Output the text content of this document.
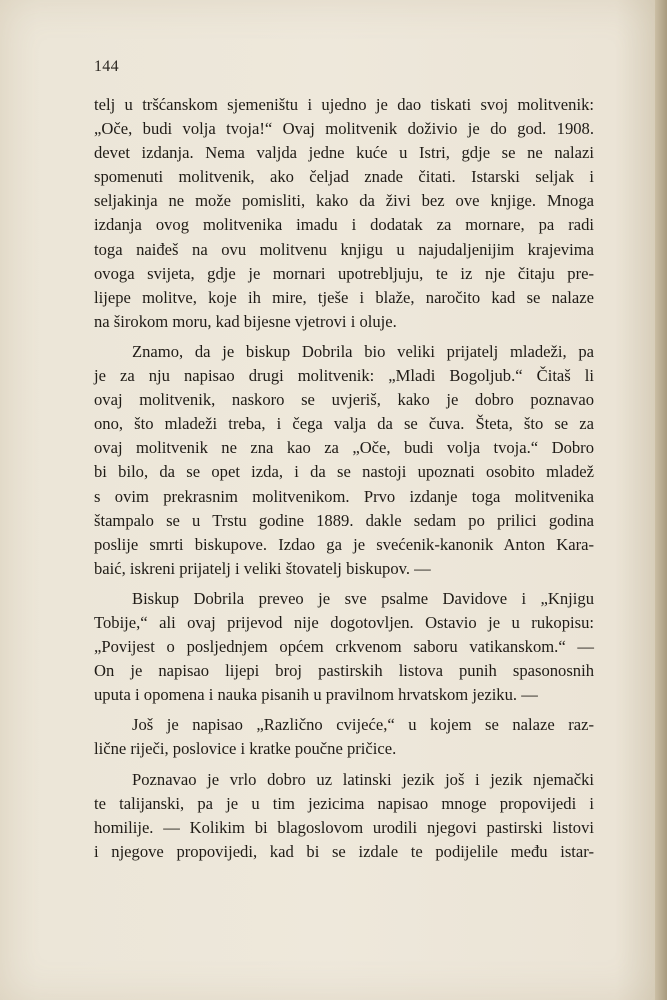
144

telj u tršćanskom sjemeništu i ujedno je dao tiskati svoj molitvenik:
„Oče, budi volja tvoja!“ Ovaj molitvenik doživio je do god. 1908.
devet izdanja. Nema valjda jedne kuće u Istri, gdje se ne nalazi
spomenuti molitvenik, ako čeljad znade čitati. Istarski seljak i
seljakinja ne može pomisliti, kako da živi bez ove knjige. Mnoga
izdanja ovog molitvenika imadu i dodatak za mornare, pa radi
toga naiđeš na ovu molitvenu knjigu u najudaljenijim krajevima
ovoga svijeta, gdje je mornari upotrebljuju, te iz nje čitaju pre-
lijepe molitve, koje ih mire, tješe i blaže, naročito kad se nalaze
na širokom moru, kad bijesne vjetrovi i oluje.

Znamo, da je biskup Dobrila bio veliki prijatelj mladeži, pa
je za nju napisao drugi molitvenik: „Mladi Bogoljub.“ Čitaš li
ovaj molitvenik, naskoro se uvjeriš, kako je dobro poznavao
ono, što mladeži treba, i čega valja da se čuva. Šteta, što se za
ovaj molitvenik ne zna kao za „Oče, budi volja tvoja.“ Dobro
bi bilo, da se opet izda, i da se nastoji upoznati osobito mladež
s ovim prekrasnim molitvenikom. Prvo izdanje toga molitvenika
štampalo se u Trstu godine 1889. dakle sedam po prilici godina
poslije smrti biskupove. Izdao ga je svećenik-kanonik Anton Kara-
baić, iskreni prijatelj i veliki štovatelj biskupov. —

Biskup Dobrila preveo je sve psalme Davidove i „Knjigu
Tobije,“ ali ovaj prijevod nije dogotovljen. Ostavio je u rukopisu:
„Povijest o posljednjem općem crkvenom saboru vatikanskom.“ —
On je napisao lijepi broj pastirskih listova punih spasonosnih
uputa i opomena i nauka pisanih u pravilnom hrvatskom jeziku. —

Još je napisao „Različno cvijeće,“ u kojem se nalaze raz-
lične riječi, poslovice i kratke poučne pričice.

Poznavao je vrlo dobro uz latinski jezik još i jezik njemački
te talijanski, pa je u tim jezicima napisao mnoge propovijedi i
homilije. — Kolikim bi blagoslovom urodili njegovi pastirski listovi
i njegove propovijedi, kad bi se izdale te podijelile među istar-
